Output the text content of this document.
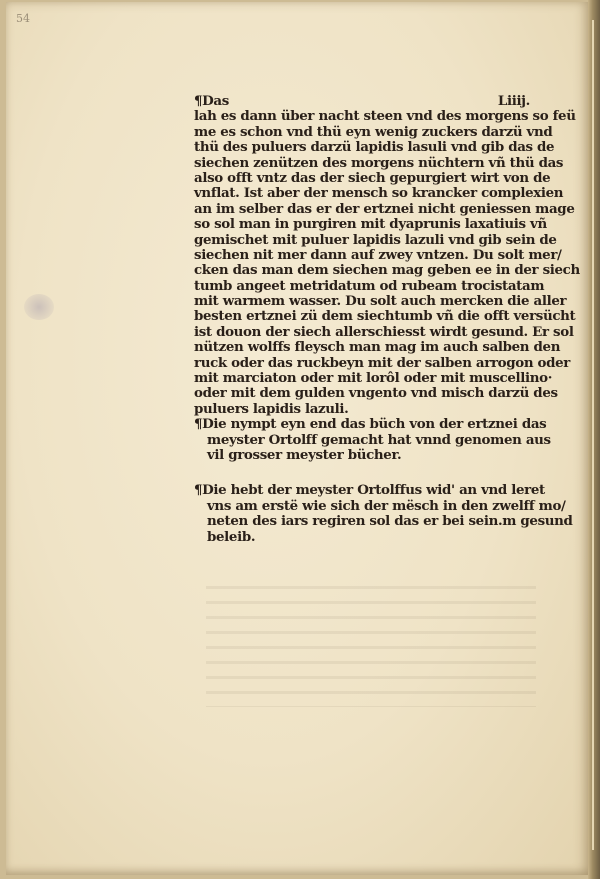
54
¶Das	Liiij.
lah es dann über nacht steen vnd des morgens so feü
me es schon vnd thü eyn wenig zuckers darzü vnd
thü des puluers darzü lapidis lasuli vnd gib das de
siechen zenützen des morgens nüchtern vñ thü das
also offt vntz das der siech gepurgiert wirt von de
vnflat. Ist aber der mensch so krancker complexien
an im selber das er der ertznei nicht geniessen mage
so sol man in purgiren mit dyaprunis laxatiuis vñ
gemischet mit puluer lapidis lazuli vnd gib sein de
siechen nit mer dann auf zwey vntzen. Du solt mer/
cken das man dem siechen mag geben ee in der siech
tumb angeet metridatum od rubeam trocistatam
mit warmem wasser. Du solt auch mercken die aller
besten ertznei zü dem siechtumb vñ die offt versücht
ist douon der siech allerschiesst wirdt gesund. Er sol
nützen wolffs fleysch man mag im auch salben den
ruck oder das ruckbeyn mit der salben arrogon oder
mit marciaton oder mit lorôl oder mit muscellino·
oder mit dem gulden vngento vnd misch darzü des
puluers lapidis lazuli.
¶Die nympt eyn end das büch von der ertznei das
meyster Ortolff gemacht hat vnnd genomen aus
vil grosser meyster bücher.
¶Die hebt der meyster Ortolffus wid' an vnd leret
vns am erstë wie sich der mësch in den zwelff mo/
neten des iars regiren sol das er bei sein.m gesund
beleib.
